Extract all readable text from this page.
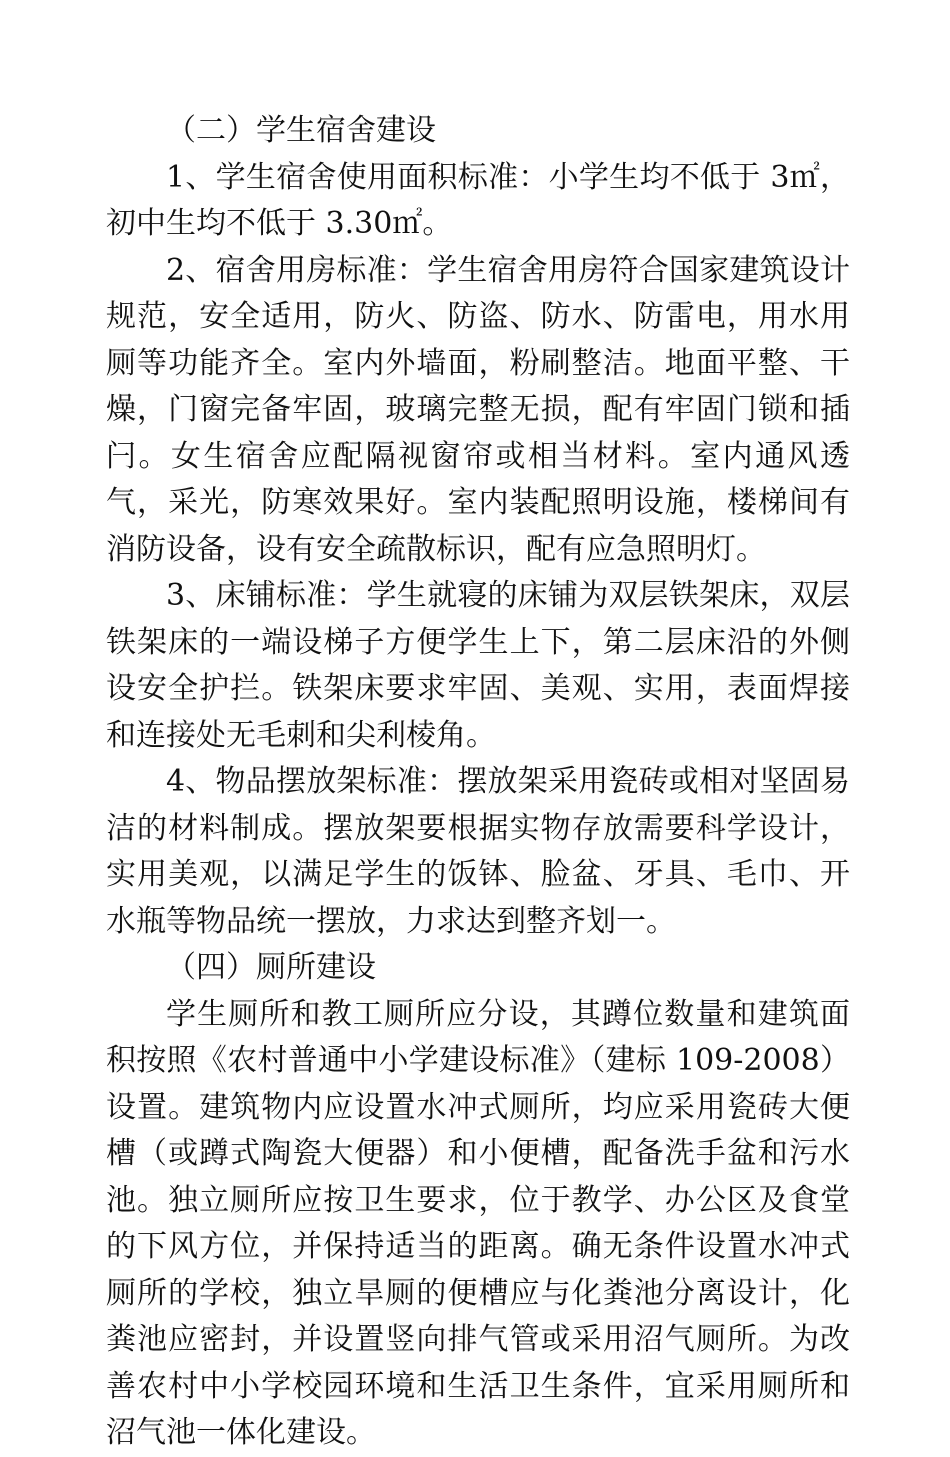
（二）学生宿舍建设

1、学生宿舍使用面积标准：小学生均不低于 3㎡，初中生均不低于 3.30㎡。

2、宿舍用房标准：学生宿舍用房符合国家建筑设计规范，安全适用，防火、防盗、防水、防雷电，用水用厕等功能齐全。室内外墙面，粉刷整洁。地面平整、干燥，门窗完备牢固，玻璃完整无损，配有牢固门锁和插闩。女生宿舍应配隔视窗帘或相当材料。室内通风透气，采光，防寒效果好。室内装配照明设施，楼梯间有消防设备，设有安全疏散标识，配有应急照明灯。

3、床铺标准：学生就寝的床铺为双层铁架床，双层铁架床的一端设梯子方便学生上下，第二层床沿的外侧设安全护拦。铁架床要求牢固、美观、实用，表面焊接和连接处无毛刺和尖利棱角。

4、物品摆放架标准：摆放架采用瓷砖或相对坚固易洁的材料制成。摆放架要根据实物存放需要科学设计，实用美观，以满足学生的饭钵、脸盆、牙具、毛巾、开水瓶等物品统一摆放，力求达到整齐划一。

（四）厕所建设

学生厕所和教工厕所应分设，其蹲位数量和建筑面积按照《农村普通中小学建设标准》（建标 109-2008）设置。建筑物内应设置水冲式厕所，均应采用瓷砖大便槽（或蹲式陶瓷大便器）和小便槽，配备洗手盆和污水池。独立厕所应按卫生要求，位于教学、办公区及食堂的下风方位，并保持适当的距离。确无条件设置水冲式厕所的学校，独立旱厕的便槽应与化粪池分离设计，化粪池应密封，并设置竖向排气管或采用沼气厕所。为改善农村中小学校园环境和生活卫生条件，宜采用厕所和沼气池一体化建设。
